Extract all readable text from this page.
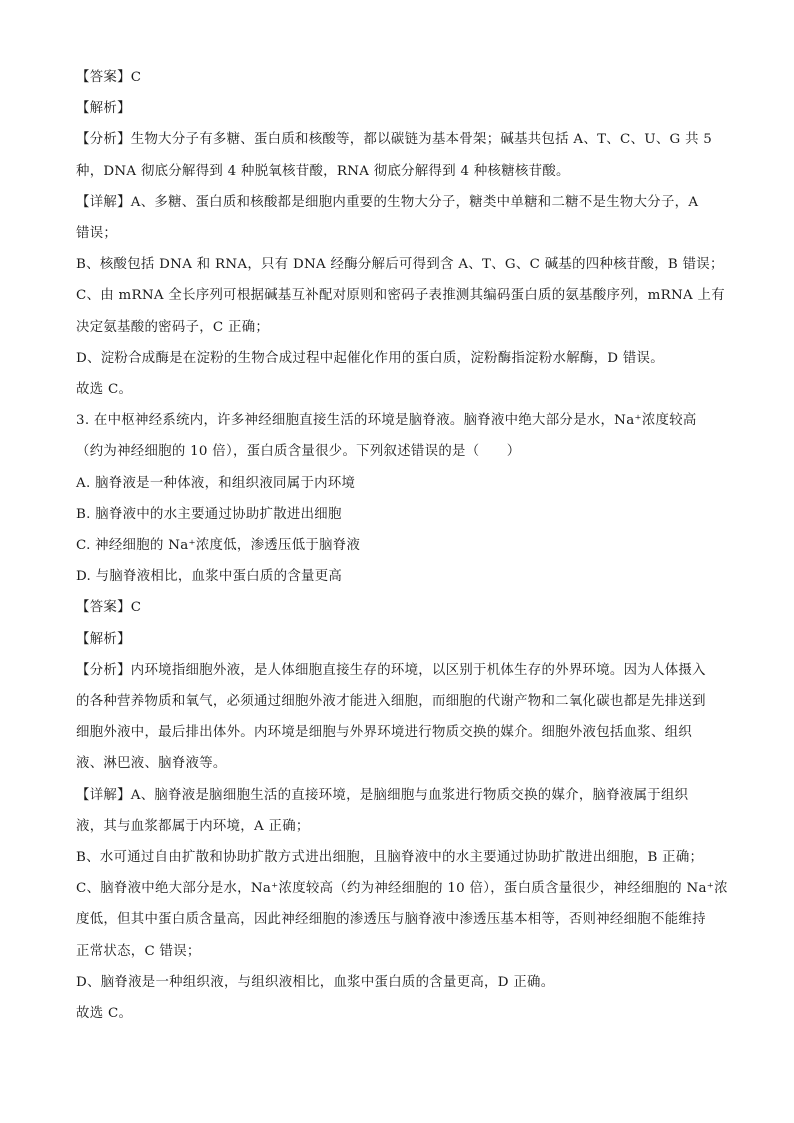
【答案】C

【解析】

【分析】生物大分子有多糖、蛋白质和核酸等，都以碳链为基本骨架；碱基共包括 A、T、C、U、G 共 5

种，DNA 彻底分解得到 4 种脱氧核苷酸，RNA 彻底分解得到 4 种核糖核苷酸。

【详解】A、多糖、蛋白质和核酸都是细胞内重要的生物大分子，糖类中单糖和二糖不是生物大分子，A

错误；

B、核酸包括 DNA 和 RNA，只有 DNA 经酶分解后可得到含 A、T、G、C 碱基的四种核苷酸，B 错误；

C、由 mRNA 全长序列可根据碱基互补配对原则和密码子表推测其编码蛋白质的氨基酸序列，mRNA 上有

决定氨基酸的密码子，C 正确；

D、淀粉合成酶是在淀粉的生物合成过程中起催化作用的蛋白质，淀粉酶指淀粉水解酶，D 错误。

故选 C。

3. 在中枢神经系统内，许多神经细胞直接生活的环境是脑脊液。脑脊液中绝大部分是水，Na⁺浓度较高

（约为神经细胞的 10 倍），蛋白质含量很少。下列叙述错误的是（　　）

A. 脑脊液是一种体液，和组织液同属于内环境

B. 脑脊液中的水主要通过协助扩散进出细胞

C. 神经细胞的 Na⁺浓度低，渗透压低于脑脊液

D. 与脑脊液相比，血浆中蛋白质的含量更高

【答案】C

【解析】

【分析】内环境指细胞外液，是人体细胞直接生存的环境，以区别于机体生存的外界环境。因为人体摄入

的各种营养物质和氧气，必须通过细胞外液才能进入细胞，而细胞的代谢产物和二氧化碳也都是先排送到

细胞外液中，最后排出体外。内环境是细胞与外界环境进行物质交换的媒介。细胞外液包括血浆、组织

液、淋巴液、脑脊液等。

【详解】A、脑脊液是脑细胞生活的直接环境，是脑细胞与血浆进行物质交换的媒介，脑脊液属于组织

液，其与血浆都属于内环境，A 正确；

B、水可通过自由扩散和协助扩散方式进出细胞，且脑脊液中的水主要通过协助扩散进出细胞，B 正确；

C、脑脊液中绝大部分是水，Na⁺浓度较高（约为神经细胞的 10 倍），蛋白质含量很少，神经细胞的 Na⁺浓

度低，但其中蛋白质含量高，因此神经细胞的渗透压与脑脊液中渗透压基本相等，否则神经细胞不能维持

正常状态，C 错误；

D、脑脊液是一种组织液，与组织液相比，血浆中蛋白质的含量更高，D 正确。

故选 C。
